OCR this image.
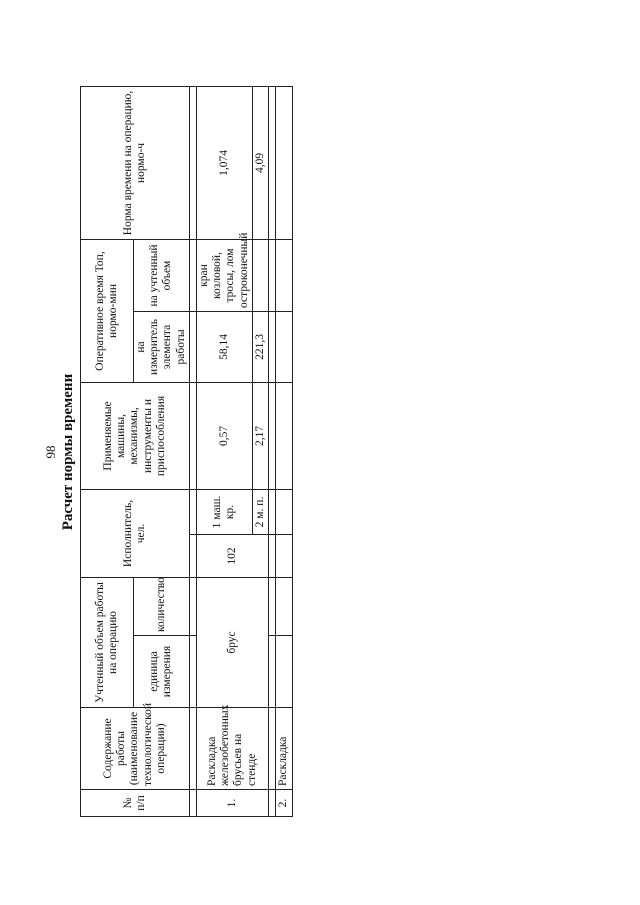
98 Расчет нормы времени
№ п/п	Содержание работы (наименование технологической операции)	Учтенный объем работы на операцию		Исполнитель, чел.		Применяемые машины, механизмы, инструменты и приспособления	Оперативное время Топ, нормо-мин		Норма времени на операцию, нормо-ч
		единица измерения	количество				на измеритель элемента работы	на учтенный объем	

1.	Раскладка железобетонных брусьев на стенде	брус		102	1 маш. кр.	0,57	58,14	кран козловой, тросы, лом остроконечный	1,074
					2 м. п.	2,17	221,3		4,09

2.	Раскладка								
